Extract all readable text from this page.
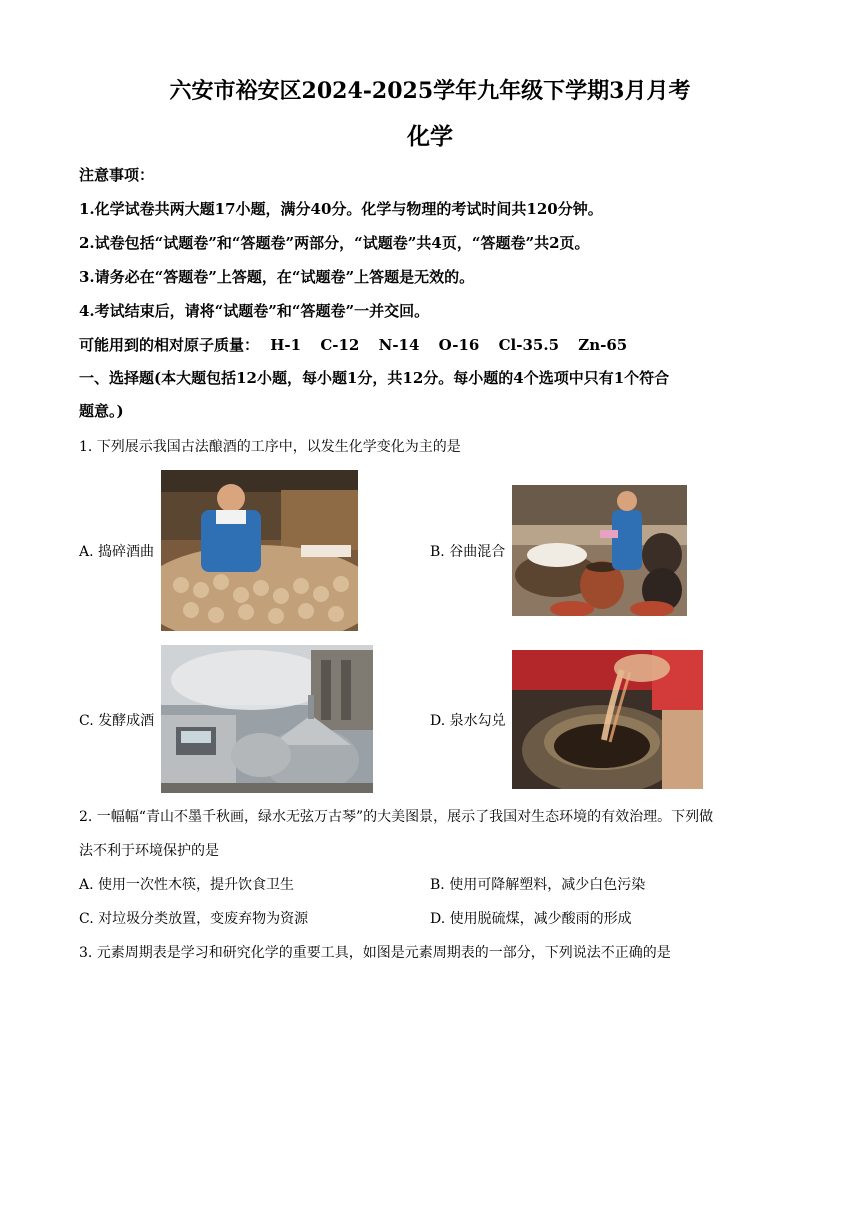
六安市裕安区2024-2025学年九年级下学期3月月考
化学
注意事项：
1.化学试卷共两大题17小题，满分40分。化学与物理的考试时间共120分钟。
2.试卷包括“试题卷”和“答题卷”两部分，“试题卷”共4页，“答题卷”共2页。
3.请务必在“答题卷”上答题，在“试题卷”上答题是无效的。
4.考试结束后，请将“试题卷”和“答题卷”一并交回。
可能用到的相对原子质量： H-1 C-12 N-14 O-16 Cl-35.5 Zn-65
一、选择题(本大题包括12小题，每小题1分，共12分。每小题的4个选项中只有1个符合
题意。)
1. 下列展示我国古法酿酒的工序中，以发生化学变化为主的是
A. 捣碎酒曲	B. 谷曲混合
C. 发酵成酒	D. 泉水勾兑
2. 一幅幅“青山不墨千秋画，绿水无弦万古琴”的大美图景，展示了我国对生态环境的有效治理。下列做
法不利于环境保护的是
A. 使用一次性木筷，提升饮食卫生	B. 使用可降解塑料，减少白色污染
C. 对垃圾分类放置，变废弃物为资源	D. 使用脱硫煤，减少酸雨的形成
3. 元素周期表是学习和研究化学的重要工具，如图是元素周期表的一部分，下列说法不正确的是
